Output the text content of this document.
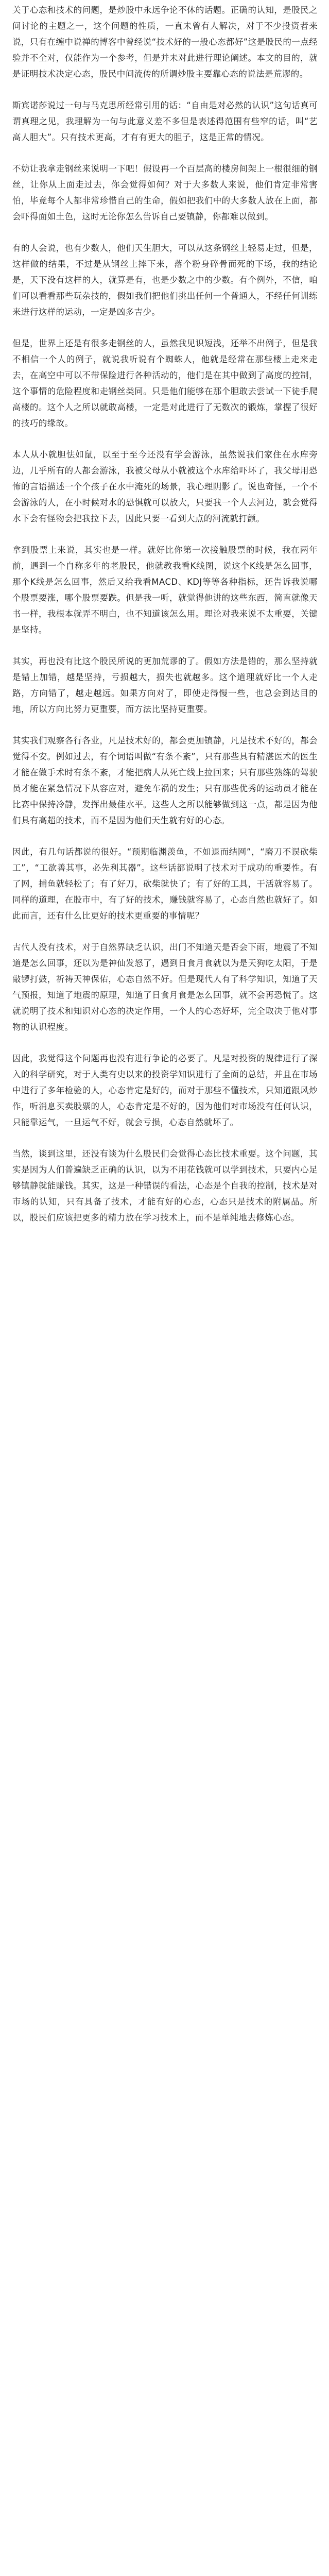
关于心态和技术的问题，是炒股中永远争论不休的话题。正确的认知，是股民之间讨论的主题之一，这个问题的性质，一直未曾有人解决，对于不少投资者来说，只有在缠中说禅的博客中曾经说“技术好的一般心态都好”这是股民的一点经验并不全对，仅能作为一个参考，但是并未对此进行理论阐述。本文的目的，就是证明技术决定心态，股民中间流传的所谓炒股主要靠心态的说法是荒谬的。

斯宾诺莎说过一句与马克思所经常引用的话：“自由是对必然的认识”这句话真可谓真理之见，我理解为一句与此意义差不多但是表述得范围有些窄的话，叫“艺高人胆大”。只有技术更高，才有有更大的胆子，这是正常的情况。

不妨让我拿走钢丝来说明一下吧！假设再一个百层高的楼房间架上一根很细的钢丝，让你从上面走过去，你会觉得如何？对于大多数人来说，他们肯定非常害怕，毕竟每个人都非常珍惜自己的生命，假如把我们中的大多数人放在上面，都会吓得面如土色，这时无论你怎么告诉自己要镇静，你都难以做到。

有的人会说，也有少数人，他们天生胆大，可以从这条钢丝上轻易走过，但是，这样做的结果，不过是从钢丝上摔下来，落个粉身碎骨而死的下场，我的结论是，天下没有这样的人，就算是有，也是少数之中的少数。有个例外，不信，咱们可以看看那些玩杂技的，假如我们把他们挑出任何一个普通人，不经任何训练来进行这样的运动，一定是凶多吉少。

但是，世界上还是有很多走钢丝的人，虽然我见识短浅，还举不出例子，但是我不相信一个人的例子，就说我听说有个蜘蛛人，他就是经常在那些楼上走来走去，在高空中可以不带保险进行各种活动的，他们是在其中做到了高度的控制，这个事情的危险程度和走钢丝类同。只是他们能够在那个胆敢去尝试一下徒手爬高楼的。这个人之所以就敢高楼，一定是对此进行了无数次的锻炼，掌握了很好的技巧的缘故。

本人从小就胆怯如鼠，以至于至今还没有学会游泳，虽然说我们家住在水库旁边，几乎所有的人都会游泳，我被父母从小就被这个水库给吓坏了，我父母用恐怖的言语描述一个个孩子在水中淹死的场景，我心理阴影了。说也奇怪，一个不会游泳的人，在小时候对水的恐惧就可以放大，只要我一个人去河边，就会觉得水下会有怪物会把我拉下去，因此只要一看到大点的河流就打颤。

拿到股票上来说，其实也是一样。就好比你第一次接触股票的时候，我在两年前，遇到一个自称多年的老股民，他就教我看K线图，说这个K线是怎么回事，那个K线是怎么回事，然后又给我看MACD、KDJ等等各种指标，还告诉我说哪个股票要涨，哪个股票要跌。但是我一听，就觉得他讲的这些东西，简直就像天书一样，我根本就弄不明白，也不知道该怎么用。理论对我来说不太重要，关键是坚持。

其实，再也没有比这个股民所说的更加荒谬的了。假如方法是错的，那么坚持就是错上加错，越是坚持，亏损越大，损失也就越多。这个道理就好比一个人走路，方向错了，越走越远。如果方向对了，即使走得慢一些，也总会到达目的地，所以方向比努力更重要，而方法比坚持更重要。

其实我们观察各行各业，凡是技术好的，都会更加镇静，凡是技术不好的，都会觉得不安。例如过去，有个词语叫做“有条不紊”，只有那些具有精湛医术的医生才能在做手术时有条不紊，才能把病人从死亡线上拉回来；只有那些熟练的驾驶员才能在紧急情况下从容应对，避免车祸的发生；只有那些优秀的运动员才能在比赛中保持冷静，发挥出最佳水平。这些人之所以能够做到这一点，都是因为他们具有高超的技术，而不是因为他们天生就有好的心态。

因此，有几句话都说的很好。“预期临渊羡鱼，不如退而结网”，“磨刀不误砍柴工”，“工欲善其事，必先利其器”。这些话都说明了技术对于成功的重要性。有了网，捕鱼就轻松了；有了好刀，砍柴就快了；有了好的工具，干活就容易了。同样的道理，在股市中，有了好的技术，赚钱就容易了，心态自然也就好了。如此而言，还有什么比更好的技术更重要的事情呢？

古代人没有技术，对于自然界缺乏认识，出门不知道天是否会下雨，地震了不知道是怎么回事，还以为是神仙发怒了，遇到日食月食就以为是天狗吃太阳，于是敲锣打鼓，祈祷天神保佑，心态自然不好。但是现代人有了科学知识，知道了天气预报，知道了地震的原理，知道了日食月食是怎么回事，就不会再恐慌了。这就说明了技术和知识对心态的决定作用，一个人的心态好坏，完全取决于他对事物的认识程度。

因此，我觉得这个问题再也没有进行争论的必要了。凡是对投资的规律进行了深入的科学研究，对于人类有史以来的投资学知识进行了全面的总结，并且在市场中进行了多年检验的人，心态肯定是好的，而对于那些不懂技术，只知道跟风炒作，听消息买卖股票的人，心态肯定是不好的，因为他们对市场没有任何认识，只能靠运气，一旦运气不好，就会亏损，心态自然就坏了。

当然，谈到这里，还没有谈为什么股民们会觉得心态比技术重要。这个问题，其实是因为人们普遍缺乏正确的认识，以为不用花钱就可以学到技术，只要内心足够镇静就能赚钱。其实，这是一种错误的看法，心态是个自我的控制，技术是对市场的认知，只有具备了技术，才能有好的心态，心态只是技术的附属品。所以，股民们应该把更多的精力放在学习技术上，而不是单纯地去修炼心态。
